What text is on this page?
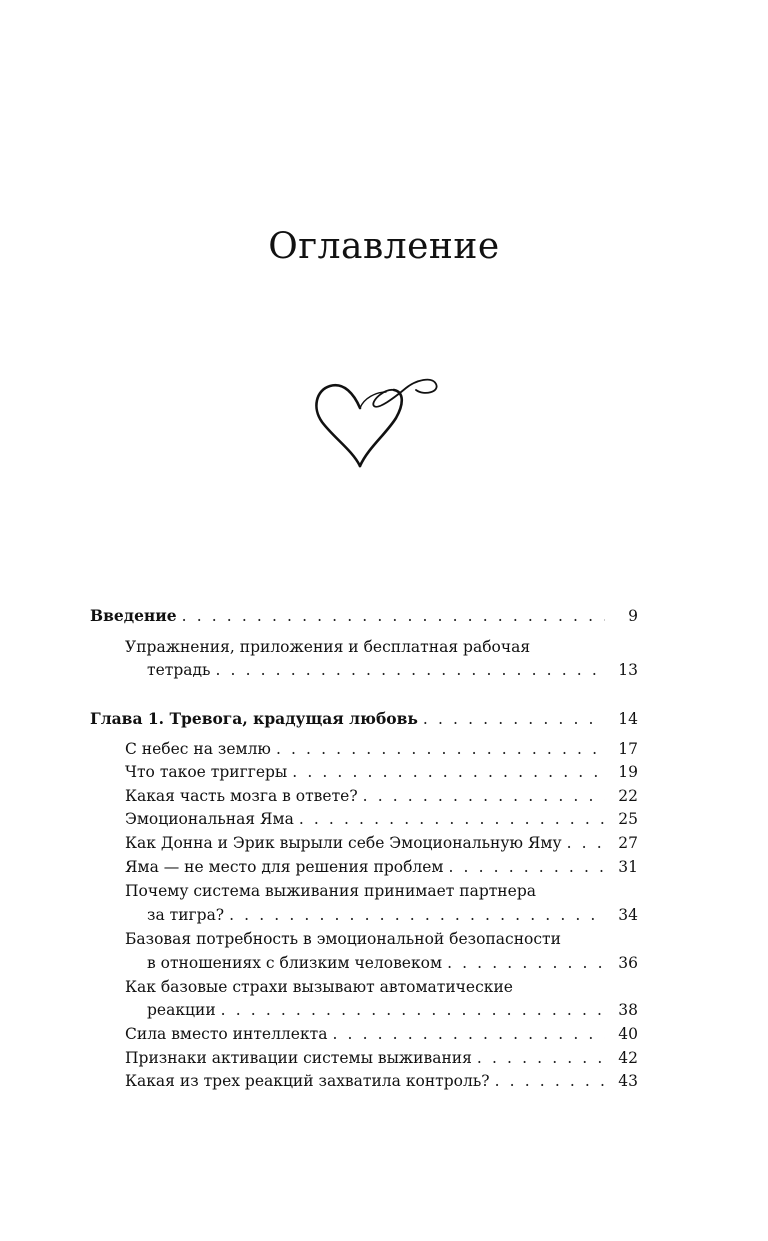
Оглавление
Введение . . .	9
Упражнения, приложения и бесплатная рабочая
тетрадь . . .	13
Глава 1. Тревога, крадущая любовь . . .	14
С небес на землю . . .	17
Что такое триггеры . . .	19
Какая часть мозга в ответе? . . .	22
Эмоциональная Яма . . .	25
Как Донна и Эрик вырыли себе Эмоциональную Яму . . .	27
Яма — не место для решения проблем . . .	31
Почему система выживания принимает партнера
за тигра? . . .	34
Базовая потребность в эмоциональной безопасности
в отношениях с близким человеком . . .	36
Как базовые страхи вызывают автоматические
реакции . . .	38
Сила вместо интеллекта . . .	40
Признаки активации системы выживания . . .	42
Какая из трех реакций захватила контроль? . . .	43
